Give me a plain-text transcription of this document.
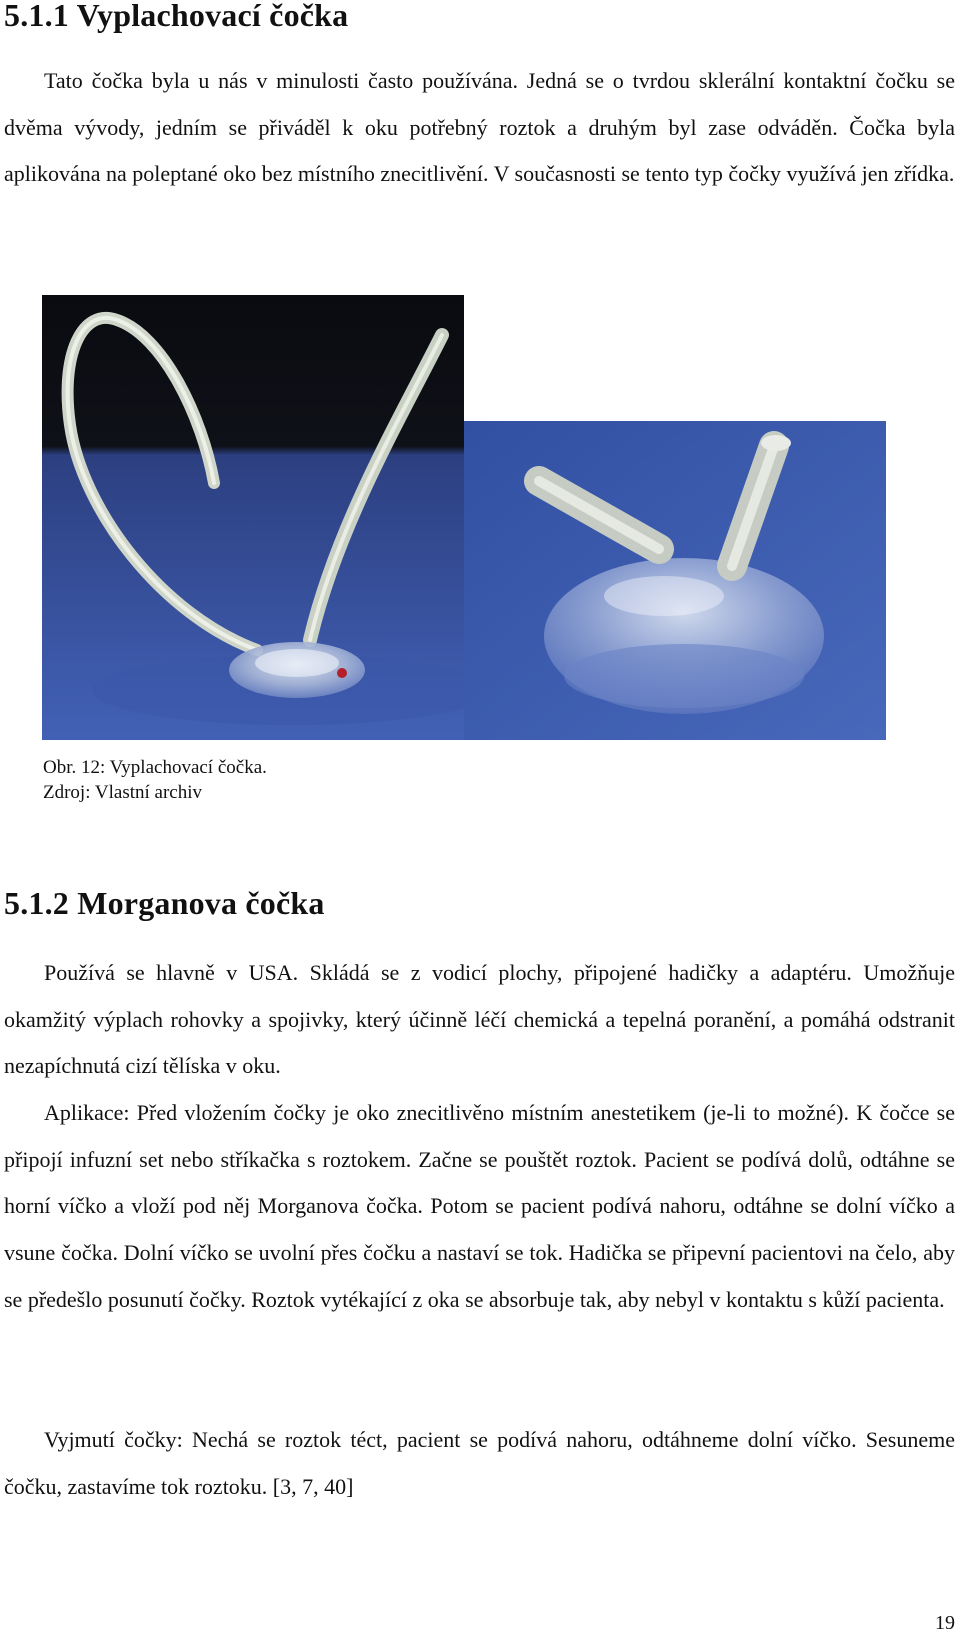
5.1.1 Vyplachovací čočka

Tato čočka byla u nás v minulosti často používána. Jedná se o tvrdou sklerální kontaktní čočku se dvěma vývody, jedním se přiváděl k oku potřebný roztok a druhým byl zase odváděn. Čočka byla aplikována na poleptané oko bez místního znecitlivění. V současnosti se tento typ čočky využívá jen zřídka.

Obr. 12: Vyplachovací čočka.
Zdroj: Vlastní archiv
5.1.2 Morganova čočka

Používá se hlavně v USA. Skládá se z vodicí plochy, připojené hadičky a adaptéru. Umožňuje okamžitý výplach rohovky a spojivky, který účinně léčí chemická a tepelná poranění, a pomáhá odstranit nezapíchnutá cizí tělíska v oku.

Aplikace: Před vložením čočky je oko znecitlivěno místním anestetikem (je-li to možné). K čočce se připojí infuzní set nebo stříkačka s roztokem. Začne se pouštět roztok. Pacient se podívá dolů, odtáhne se horní víčko a vloží pod něj Morganova čočka. Potom se pacient podívá nahoru, odtáhne se dolní víčko a vsune čočka. Dolní víčko se uvolní přes čočku a nastaví se tok. Hadička se připevní pacientovi na čelo, aby se předešlo posunutí čočky. Roztok vytékající z oka se absorbuje tak, aby nebyl v kontaktu s kůží pacienta.

Vyjmutí čočky: Nechá se roztok téct, pacient se podívá nahoru, odtáhneme dolní víčko. Sesuneme čočku, zastavíme tok roztoku. [3, 7, 40]

19
